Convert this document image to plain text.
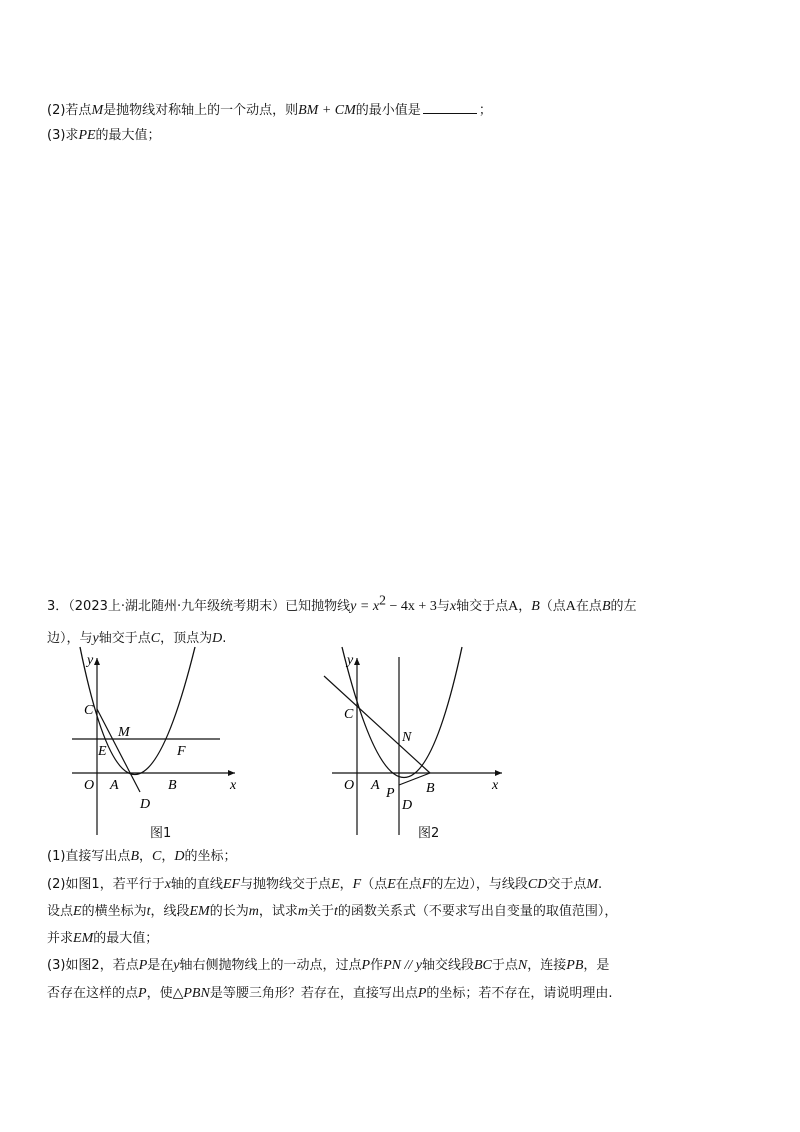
(2)若点M是抛物线对称轴上的一个动点，则BM + CM的最小值是	；
(3)求PE的最大值；
3．（2023上·湖北随州·九年级统考期末）已知抛物线$y = x^2 - 4x + 3$与x轴交于点A，B（点A在点B的左
边），与y轴交于点C，顶点为D.
y
C
M
E	F
O A	B
D
x
图1
y
C
N
O A
P B
D
x
图2
(1)直接写出点B，C，D的坐标；
(2)如图1，若平行于x轴的直线EF与抛物线交于点E，F（点E在点F的左边），与线段CD交于点M.
设点E的横坐标为t，线段EM的长为m，试求m关于t的函数关系式（不要求写出自变量的取值范围），
并求EM的最大值；
(3)如图2，若点P是在y轴右侧抛物线上的一动点，过点P作PN // y轴交线段BC于点N，连接PB，是
否存在这样的点P，使△PBN是等腰三角形？若存在，直接写出点P的坐标；若不存在，请说明理由.
